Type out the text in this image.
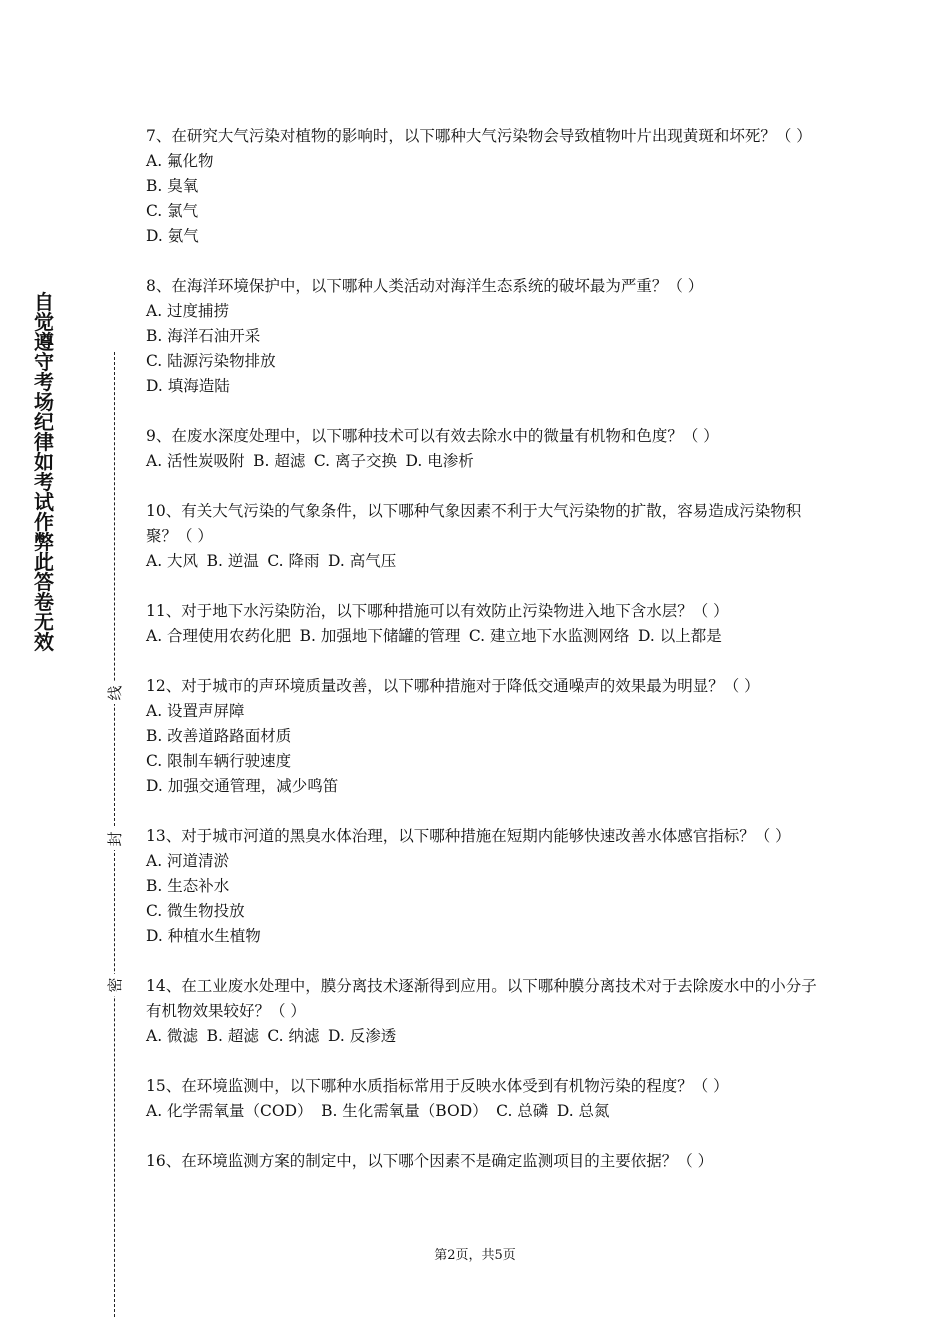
自觉遵守考场纪律如考试作弊此答卷无效
线
封
密
7、在研究大气污染对植物的影响时，以下哪种大气污染物会导致植物叶片出现黄斑和坏死？（ ）
A. 氟化物
B. 臭氧
C. 氯气
D. 氨气
8、在海洋环境保护中，以下哪种人类活动对海洋生态系统的破坏最为严重？（ ）
A. 过度捕捞
B. 海洋石油开采
C. 陆源污染物排放
D. 填海造陆
9、在废水深度处理中，以下哪种技术可以有效去除水中的微量有机物和色度？（ ）
A. 活性炭吸附 B. 超滤 C. 离子交换 D. 电渗析
10、有关大气污染的气象条件，以下哪种气象因素不利于大气污染物的扩散，容易造成污染物积聚？（ ）
A. 大风 B. 逆温 C. 降雨 D. 高气压
11、对于地下水污染防治，以下哪种措施可以有效防止污染物进入地下含水层？（ ）
A. 合理使用农药化肥 B. 加强地下储罐的管理 C. 建立地下水监测网络 D. 以上都是
12、对于城市的声环境质量改善，以下哪种措施对于降低交通噪声的效果最为明显？（ ）
A. 设置声屏障
B. 改善道路路面材质
C. 限制车辆行驶速度
D. 加强交通管理，减少鸣笛
13、对于城市河道的黑臭水体治理，以下哪种措施在短期内能够快速改善水体感官指标？（ ）
A. 河道清淤
B. 生态补水
C. 微生物投放
D. 种植水生植物
14、在工业废水处理中，膜分离技术逐渐得到应用。以下哪种膜分离技术对于去除废水中的小分子有机物效果较好？（ ）
A. 微滤 B. 超滤 C. 纳滤 D. 反渗透
15、在环境监测中，以下哪种水质指标常用于反映水体受到有机物污染的程度？（ ）
A. 化学需氧量（COD） B. 生化需氧量（BOD） C. 总磷 D. 总氮
16、在环境监测方案的制定中，以下哪个因素不是确定监测项目的主要依据？（ ）
第2页，共5页
